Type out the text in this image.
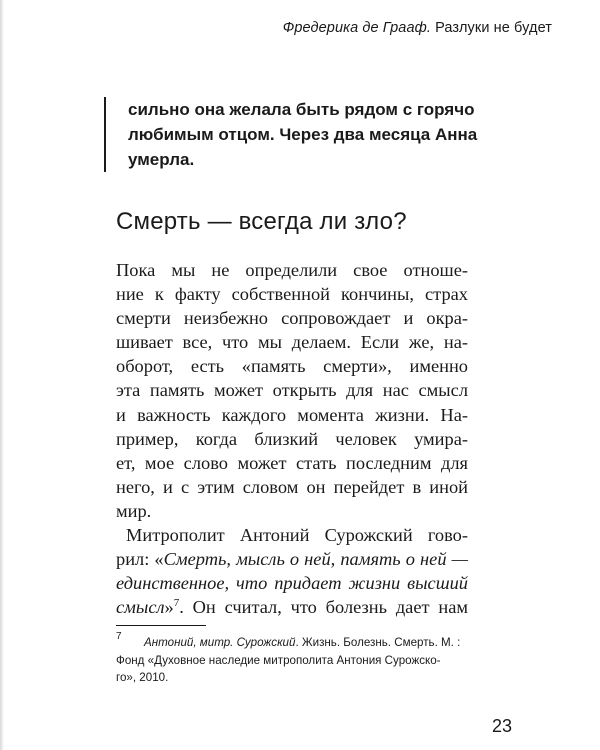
Фредерика де Грааф. Разлуки не будет

сильно она желала быть рядом с горячо

любимым отцом. Через два месяца Анна

умерла.

Смерть — всегда ли зло?

Пока мы не определили свое отноше-
ние к факту собственной кончины, страх
смерти неизбежно сопровождает и окра-
шивает все, что мы делаем. Если же, на-
оборот, есть «память смерти», именно
эта память может открыть для нас смысл
и важность каждого момента жизни. На-
пример, когда близкий человек умира-
ет, мое слово может стать последним для
него, и с этим словом он перейдет в иной
мир.

Митрополит Антоний Сурожский гово-
рил: «Смерть, мысль о ней, память о ней —
единственное, что придает жизни высший
смысл»$^7$. Он считал, что болезнь дает нам

7 Антоний, митр. Сурожский. Жизнь. Болезнь. Смерть. М. :
Фонд «Духовное наследие митрополита Антония Сурожско-
го», 2010.
23
